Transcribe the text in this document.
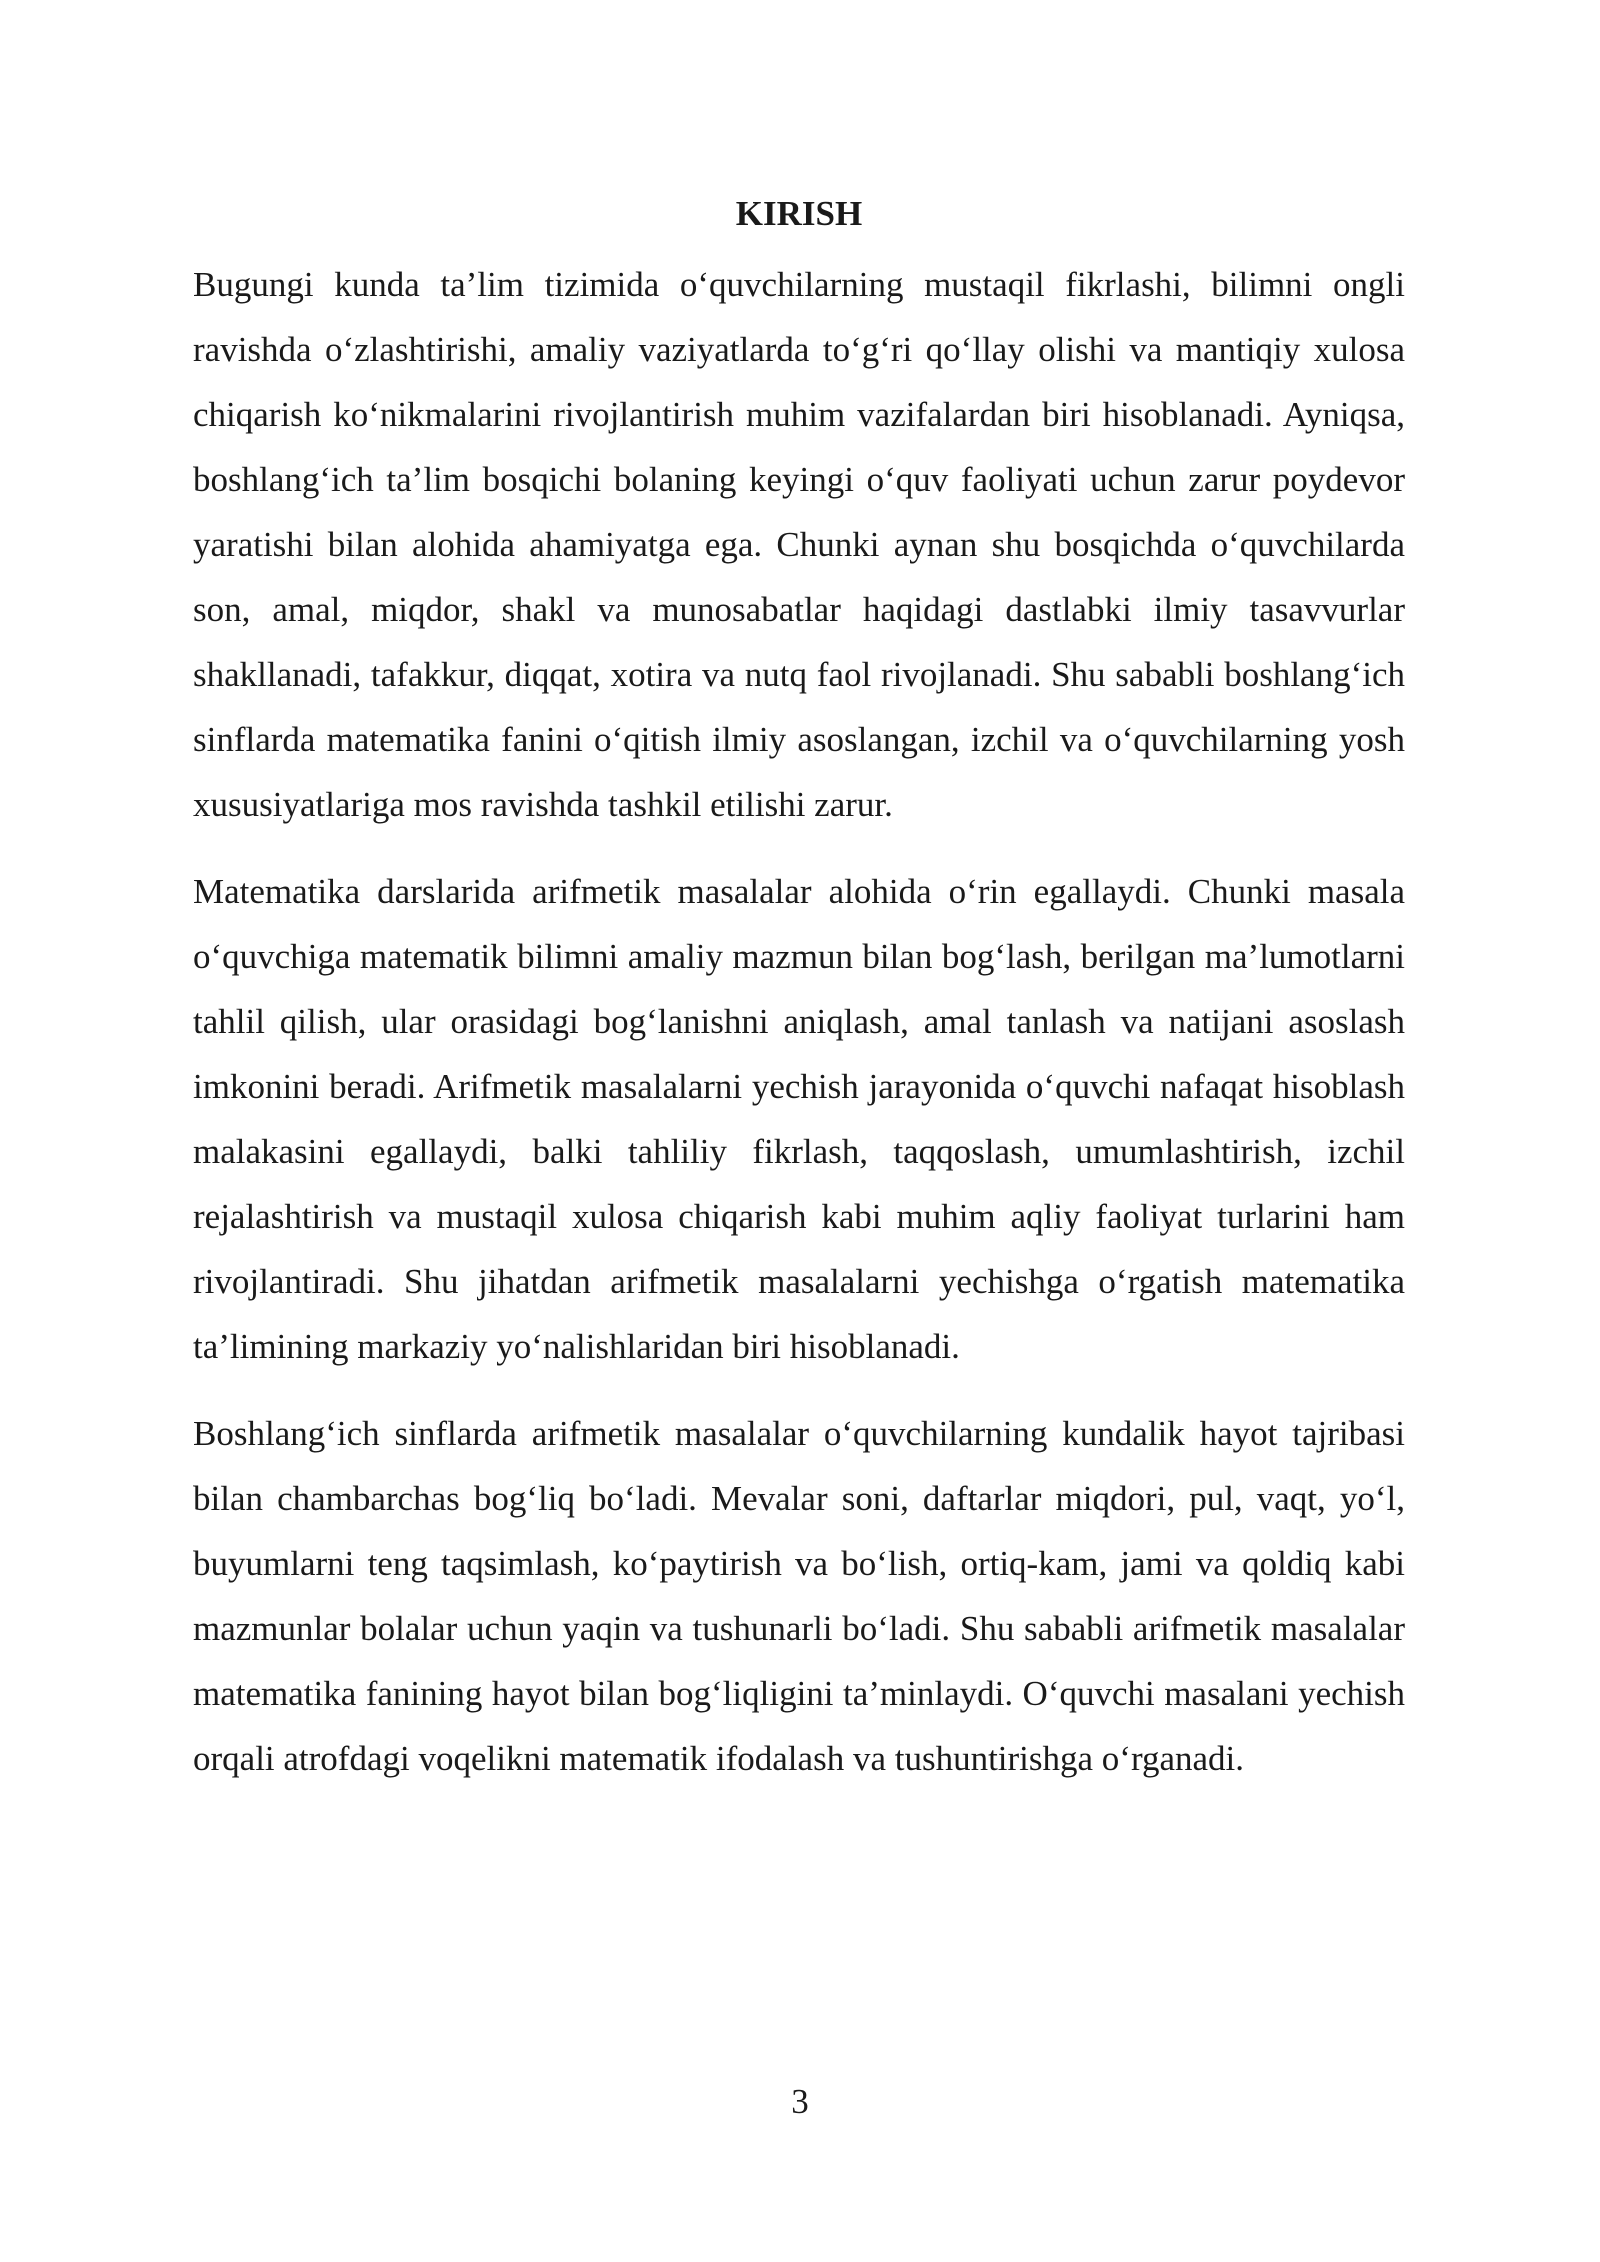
KIRISH

Bugungi kunda ta’lim tizimida o‘quvchilarning mustaqil fikrlashi, bilimni ongli ravishda o‘zlashtirishi, amaliy vaziyatlarda to‘g‘ri qo‘llay olishi va mantiqiy xulosa chiqarish ko‘nikmalarini rivojlantirish muhim vazifalardan biri hisoblanadi. Ayniqsa, boshlang‘ich ta’lim bosqichi bolaning keyingi o‘quv faoliyati uchun zarur poydevor yaratishi bilan alohida ahamiyatga ega. Chunki aynan shu bosqichda o‘quvchilarda son, amal, miqdor, shakl va munosabatlar haqidagi dastlabki ilmiy tasavvurlar shakllanadi, tafakkur, diqqat, xotira va nutq faol rivojlanadi. Shu sababli boshlang‘ich sinflarda matematika fanini o‘qitish ilmiy asoslangan, izchil va o‘quvchilarning yosh xususiyatlariga mos ravishda tashkil etilishi zarur.

Matematika darslarida arifmetik masalalar alohida o‘rin egallaydi. Chunki masala o‘quvchiga matematik bilimni amaliy mazmun bilan bog‘lash, berilgan ma’lumotlarni tahlil qilish, ular orasidagi bog‘lanishni aniqlash, amal tanlash va natijani asoslash imkonini beradi. Arifmetik masalalarni yechish jarayonida o‘quvchi nafaqat hisoblash malakasini egallaydi, balki tahliliy fikrlash, taqqoslash, umumlashtirish, izchil rejalashtirish va mustaqil xulosa chiqarish kabi muhim aqliy faoliyat turlarini ham rivojlantiradi. Shu jihatdan arifmetik masalalarni yechishga o‘rgatish matematika ta’limining markaziy yo‘nalishlaridan biri hisoblanadi.

Boshlang‘ich sinflarda arifmetik masalalar o‘quvchilarning kundalik hayot tajribasi bilan chambarchas bog‘liq bo‘ladi. Mevalar soni, daftarlar miqdori, pul, vaqt, yo‘l, buyumlarni teng taqsimlash, ko‘paytirish va bo‘lish, ortiq-kam, jami va qoldiq kabi mazmunlar bolalar uchun yaqin va tushunarli bo‘ladi. Shu sababli arifmetik masalalar matematika fanining hayot bilan bog‘liqligini ta’minlaydi. O‘quvchi masalani yechish orqali atrofdagi voqelikni matematik ifodalash va tushuntirishga o‘rganadi.

3
